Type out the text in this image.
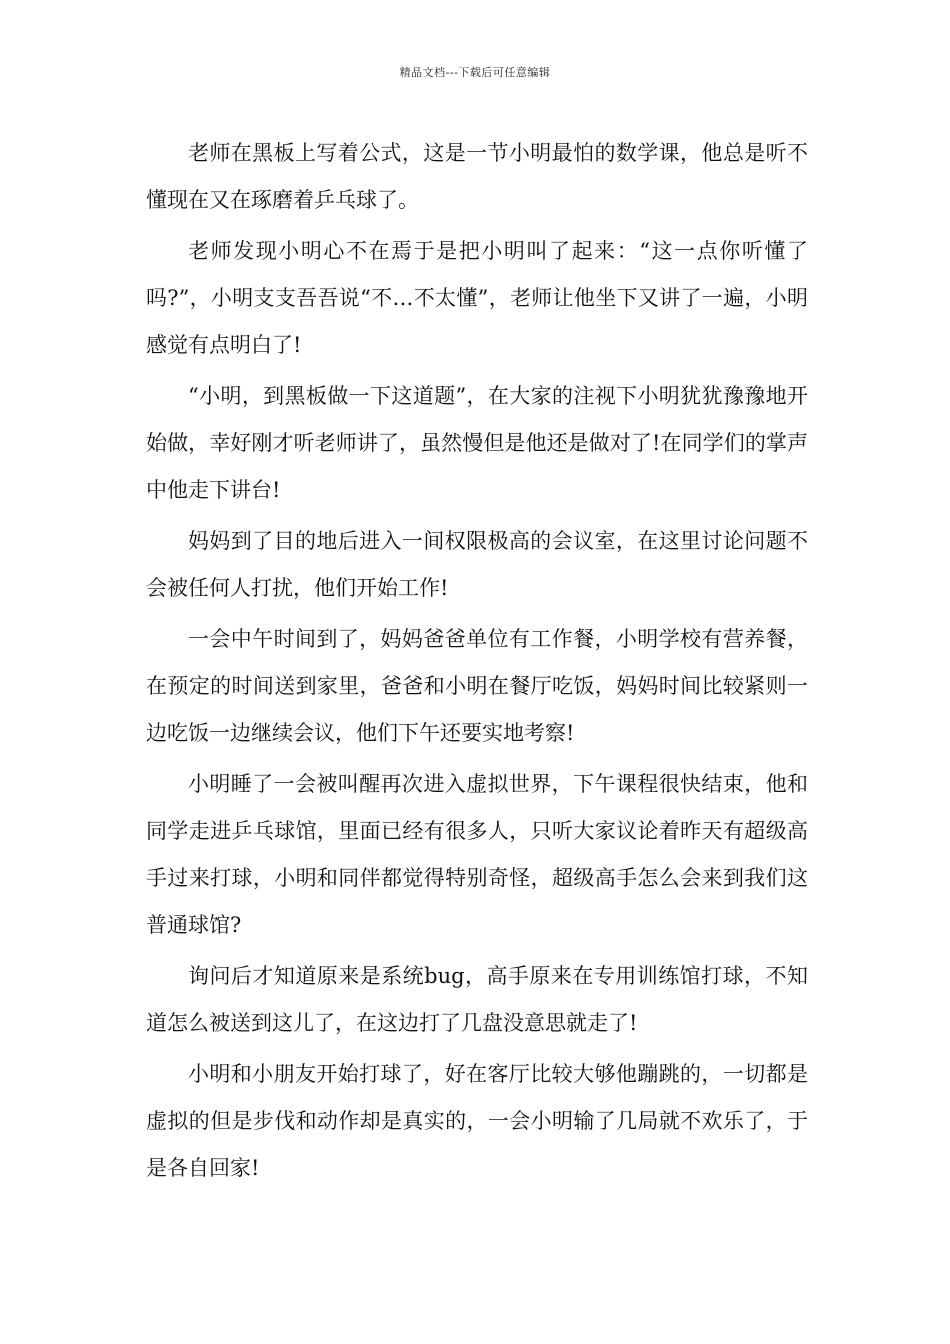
精品文档---下载后可任意编辑

老师在黑板上写着公式，这是一节小明最怕的数学课，他总是听不懂现在又在琢磨着乒乓球了。

老师发现小明心不在焉于是把小明叫了起来：“这一点你听懂了吗?”，小明支支吾吾说“不…不太懂”，老师让他坐下又讲了一遍，小明感觉有点明白了!

“小明，到黑板做一下这道题”，在大家的注视下小明犹犹豫豫地开始做，幸好刚才听老师讲了，虽然慢但是他还是做对了!在同学们的掌声中他走下讲台!

妈妈到了目的地后进入一间权限极高的会议室，在这里讨论问题不会被任何人打扰，他们开始工作!

一会中午时间到了，妈妈爸爸单位有工作餐，小明学校有营养餐，在预定的时间送到家里，爸爸和小明在餐厅吃饭，妈妈时间比较紧则一边吃饭一边继续会议，他们下午还要实地考察!

小明睡了一会被叫醒再次进入虚拟世界，下午课程很快结束，他和同学走进乒乓球馆，里面已经有很多人，只听大家议论着昨天有超级高手过来打球，小明和同伴都觉得特别奇怪，超级高手怎么会来到我们这普通球馆?

询问后才知道原来是系统bug，高手原来在专用训练馆打球，不知道怎么被送到这儿了，在这边打了几盘没意思就走了!

小明和小朋友开始打球了，好在客厅比较大够他蹦跳的，一切都是虚拟的但是步伐和动作却是真实的，一会小明输了几局就不欢乐了，于是各自回家!
